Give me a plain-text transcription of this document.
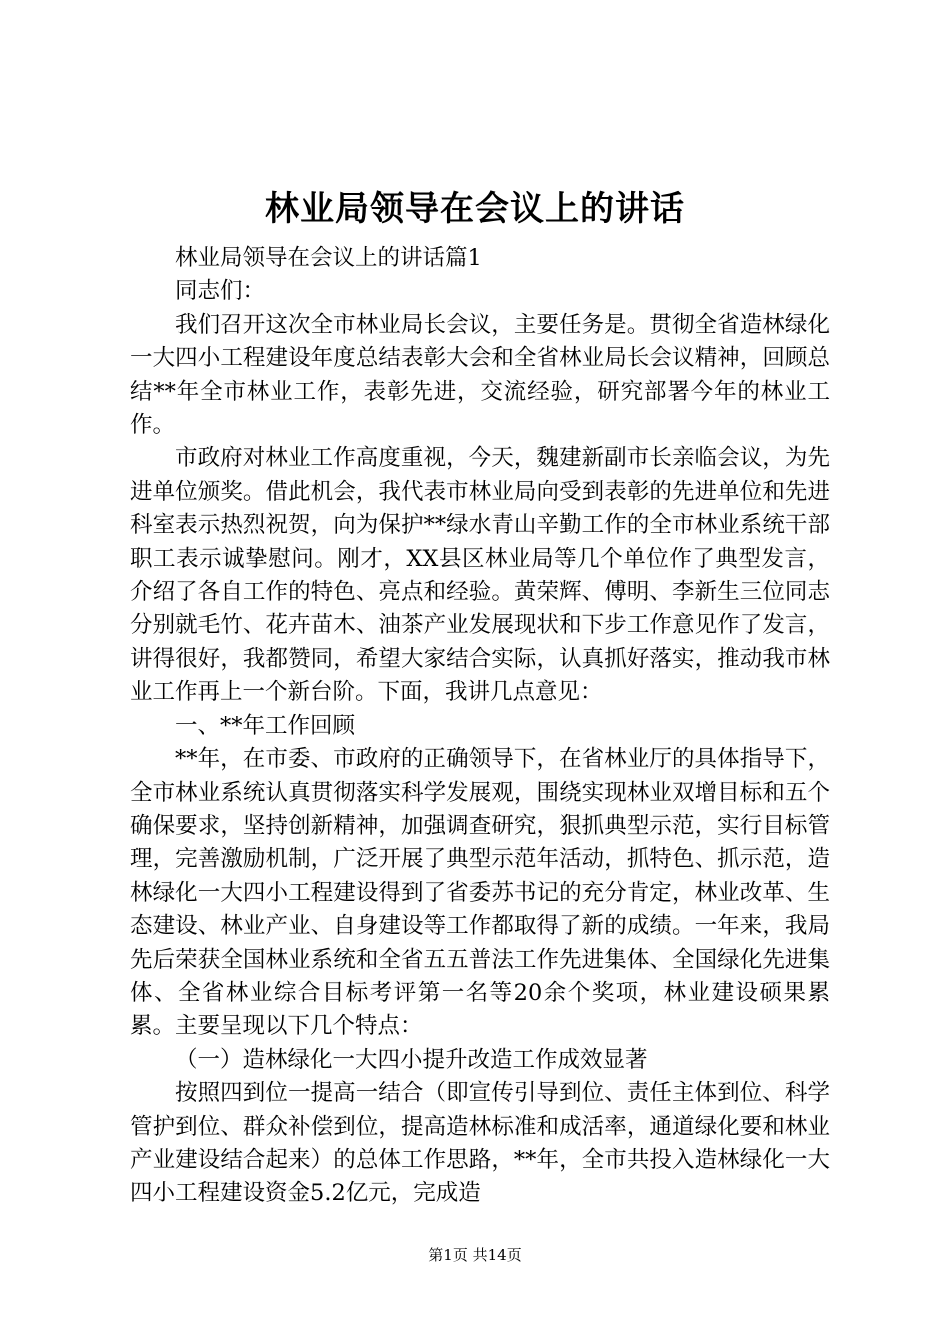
林业局领导在会议上的讲话

林业局领导在会议上的讲话篇1

同志们：

我们召开这次全市林业局长会议，主要任务是。贯彻全省造林绿化一大四小工程建设年度总结表彰大会和全省林业局长会议精神，回顾总结**年全市林业工作，表彰先进，交流经验，研究部署今年的林业工作。

市政府对林业工作高度重视，今天，魏建新副市长亲临会议，为先进单位颁奖。借此机会，我代表市林业局向受到表彰的先进单位和先进科室表示热烈祝贺，向为保护**绿水青山辛勤工作的全市林业系统干部职工表示诚挚慰问。刚才，XX县区林业局等几个单位作了典型发言，介绍了各自工作的特色、亮点和经验。黄荣辉、傅明、李新生三位同志分别就毛竹、花卉苗木、油茶产业发展现状和下步工作意见作了发言，讲得很好，我都赞同，希望大家结合实际，认真抓好落实，推动我市林业工作再上一个新台阶。下面，我讲几点意见：

一、**年工作回顾

**年，在市委、市政府的正确领导下，在省林业厅的具体指导下，全市林业系统认真贯彻落实科学发展观，围绕实现林业双增目标和五个确保要求，坚持创新精神，加强调查研究，狠抓典型示范，实行目标管理，完善激励机制，广泛开展了典型示范年活动，抓特色、抓示范，造林绿化一大四小工程建设得到了省委苏书记的充分肯定，林业改革、生态建设、林业产业、自身建设等工作都取得了新的成绩。一年来，我局先后荣获全国林业系统和全省五五普法工作先进集体、全国绿化先进集体、全省林业综合目标考评第一名等20余个奖项，林业建设硕果累累。主要呈现以下几个特点：

（一）造林绿化一大四小提升改造工作成效显著

按照四到位一提高一结合（即宣传引导到位、责任主体到位、科学管护到位、群众补偿到位，提高造林标准和成活率，通道绿化要和林业产业建设结合起来）的总体工作思路，**年，全市共投入造林绿化一大四小工程建设资金5.2亿元，完成造

第1页 共14页
